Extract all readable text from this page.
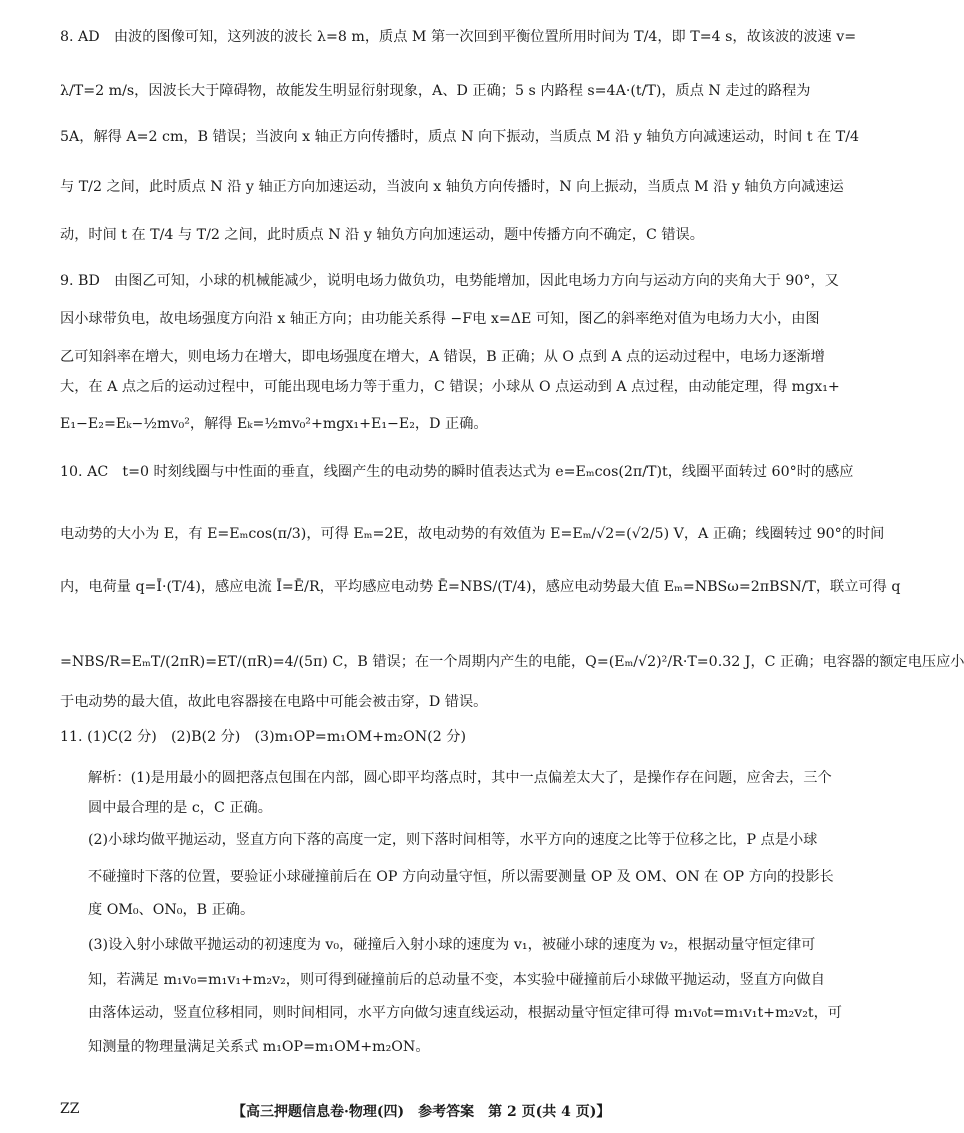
8. AD　由波的图像可知，这列波的波长 λ=8 m，质点 M 第一次回到平衡位置所用时间为 T/4，即 T=4 s，故该波的波速 v=
λ/T=2 m/s，因波长大于障碍物，故能发生明显衍射现象，A、D 正确；5 s 内路程 s=4A·(t/T)，质点 N 走过的路程为
5A，解得 A=2 cm，B 错误；当波向 x 轴正方向传播时，质点 N 向下振动，当质点 M 沿 y 轴负方向减速运动，时间 t 在 T/4
与 T/2 之间，此时质点 N 沿 y 轴正方向加速运动，当波向 x 轴负方向传播时，N 向上振动，当质点 M 沿 y 轴负方向减速运
动，时间 t 在 T/4 与 T/2 之间，此时质点 N 沿 y 轴负方向加速运动，题中传播方向不确定，C 错误。
9. BD　由图乙可知，小球的机械能减少，说明电场力做负功，电势能增加，因此电场力方向与运动方向的夹角大于 90°，又
因小球带负电，故电场强度方向沿 x 轴正方向；由功能关系得 −F电 x=ΔE 可知，图乙的斜率绝对值为电场力大小，由图
乙可知斜率在增大，则电场力在增大，即电场强度在增大，A 错误，B 正确；从 O 点到 A 点的运动过程中，电场力逐渐增
大，在 A 点之后的运动过程中，可能出现电场力等于重力，C 错误；小球从 O 点运动到 A 点过程，由动能定理，得 mgx₁+
E₁−E₂=Eₖ−½mv₀²，解得 Eₖ=½mv₀²+mgx₁+E₁−E₂，D 正确。
10. AC　t=0 时刻线圈与中性面的垂直，线圈产生的电动势的瞬时值表达式为 e=Eₘcos(2π/T)t，线圈平面转过 60°时的感应
电动势的大小为 E，有 E=Eₘcos(π/3)，可得 Eₘ=2E，故电动势的有效值为 E=Eₘ/√2=(√2/5) V，A 正确；线圈转过 90°的时间
内，电荷量 q=Ī·(T/4)，感应电流 Ī=Ē/R，平均感应电动势 Ē=NBS/(T/4)，感应电动势最大值 Eₘ=NBSω=2πBSN/T，联立可得 q
=NBS/R=EₘT/(2πR)=ET/(πR)=4/(5π) C，B 错误；在一个周期内产生的电能，Q=(Eₘ/√2)²/R·T=0.32 J，C 正确；电容器的额定电压应小
于电动势的最大值，故此电容器接在电路中可能会被击穿，D 错误。
11. (1)C(2 分)　(2)B(2 分)　(3)m₁OP=m₁OM+m₂ON(2 分)
解析：(1)是用最小的圆把落点包围在内部，圆心即平均落点时，其中一点偏差太大了，是操作存在问题，应舍去，三个
圆中最合理的是 c，C 正确。
(2)小球均做平抛运动，竖直方向下落的高度一定，则下落时间相等，水平方向的速度之比等于位移之比，P 点是小球
不碰撞时下落的位置，要验证小球碰撞前后在 OP 方向动量守恒，所以需要测量 OP 及 OM、ON 在 OP 方向的投影长
度 OM₀、ON₀，B 正确。
(3)设入射小球做平抛运动的初速度为 v₀，碰撞后入射小球的速度为 v₁，被碰小球的速度为 v₂，根据动量守恒定律可
知，若满足 m₁v₀=m₁v₁+m₂v₂，则可得到碰撞前后的总动量不变，本实验中碰撞前后小球做平抛运动，竖直方向做自
由落体运动，竖直位移相同，则时间相同，水平方向做匀速直线运动，根据动量守恒定律可得 m₁v₀t=m₁v₁t+m₂v₂t，可
知测量的物理量满足关系式 m₁OP=m₁OM+m₂ON。
ZZ	【高三押题信息卷·物理(四)　参考答案　第 2 页(共 4 页)】
